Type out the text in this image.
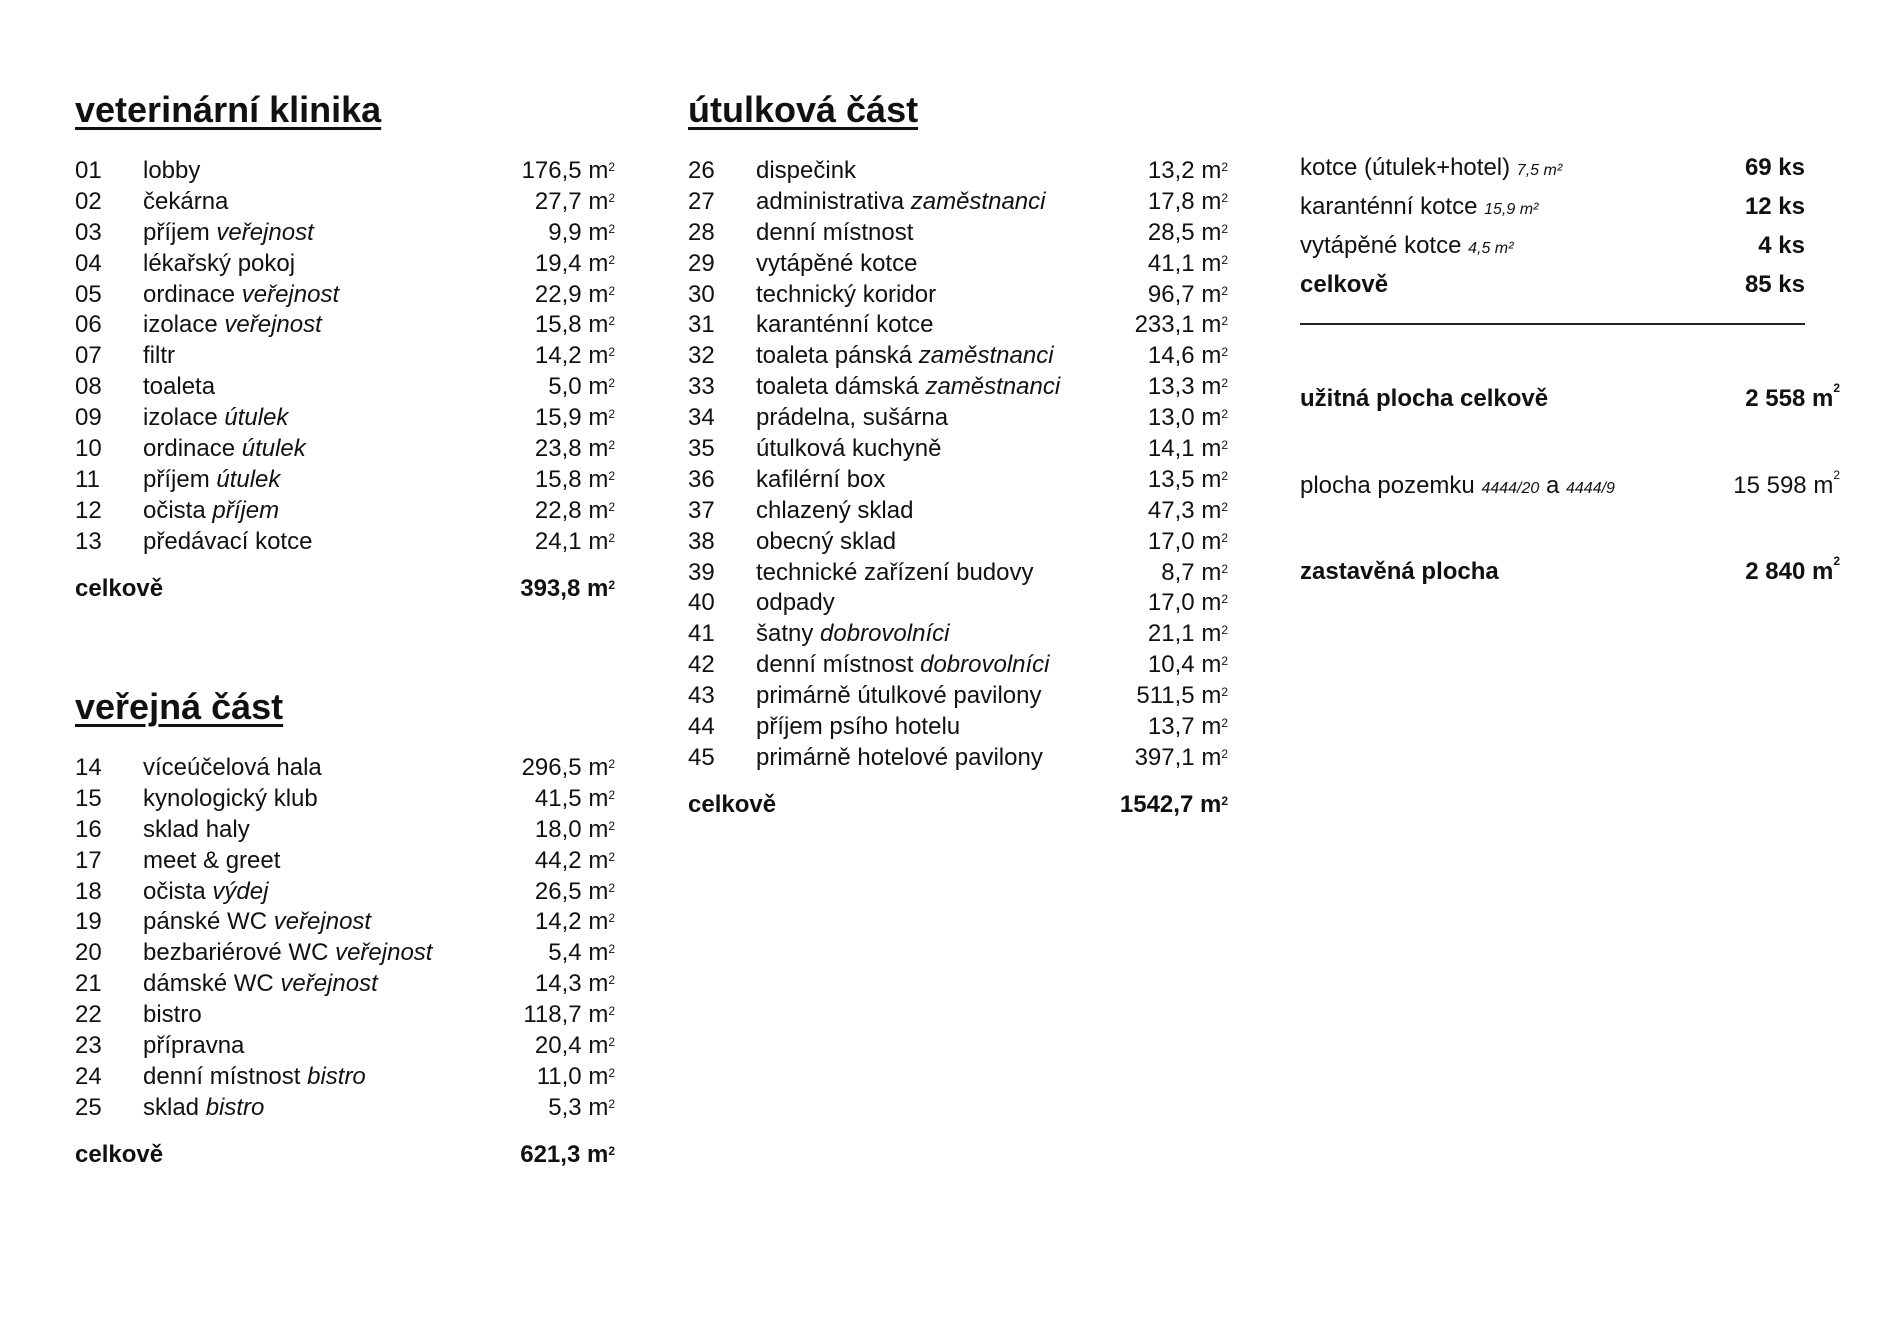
veterinární klinika
01	lobby	176,5 $m^2$
02	čekárna	27,7 $m^2$
03	příjem veřejnost	9,9 $m^2$
04	lékařský pokoj	19,4 $m^2$
05	ordinace veřejnost	22,9 $m^2$
06	izolace veřejnost	15,8 $m^2$
07	filtr	14,2 $m^2$
08	toaleta	5,0 $m^2$
09	izolace útulek	15,9 $m^2$
10	ordinace útulek	23,8 $m^2$
11	příjem útulek	15,8 $m^2$
12	očista příjem	22,8 $m^2$
13	předávací kotce	24,1 $m^2$
celkově	393,8 $m^2$
veřejná část
14	víceúčelová hala	296,5 $m^2$
15	kynologický klub	41,5 $m^2$
16	sklad haly	18,0 $m^2$
17	meet & greet	44,2 $m^2$
18	očista výdej	26,5 $m^2$
19	pánské WC veřejnost	14,2 $m^2$
20	bezbariérové WC veřejnost	5,4 $m^2$
21	dámské WC veřejnost	14,3 $m^2$
22	bistro	118,7 $m^2$
23	přípravna	20,4 $m^2$
24	denní místnost bistro	11,0 $m^2$
25	sklad bistro	5,3 $m^2$
celkově	621,3 $m^2$
útulková část
26	dispečink	13,2 $m^2$
27	administrativa zaměstnanci	17,8 $m^2$
28	denní místnost	28,5 $m^2$
29	vytápěné kotce	41,1 $m^2$
30	technický koridor	96,7 $m^2$
31	karanténní kotce	233,1 $m^2$
32	toaleta pánská zaměstnanci	14,6 $m^2$
33	toaleta dámská zaměstnanci	13,3 $m^2$
34	prádelna, sušárna	13,0 $m^2$
35	útulková kuchyně	14,1 $m^2$
36	kafilérní box	13,5 $m^2$
37	chlazený sklad	47,3 $m^2$
38	obecný sklad	17,0 $m^2$
39	technické zařízení budovy	8,7 $m^2$
40	odpady	17,0 $m^2$
41	šatny dobrovolníci	21,1 $m^2$
42	denní místnost dobrovolníci	10,4 $m^2$
43	primárně útulkové pavilony	511,5 $m^2$
44	příjem psího hotelu	13,7 $m^2$
45	primárně hotelové pavilony	397,1 $m^2$
celkově	1542,7 $m^2$
kotce (útulek+hotel) 7,5 m²	69 ks
karanténní kotce 15,9 m²	12 ks
vytápěné kotce 4,5 m²	4 ks
celkově	85 ks
užitná plocha celkově	2 558 $m^2$
plocha pozemku 4444/20 a 4444/9	15 598 $m^2$
zastavěná plocha	2 840 $m^2$
